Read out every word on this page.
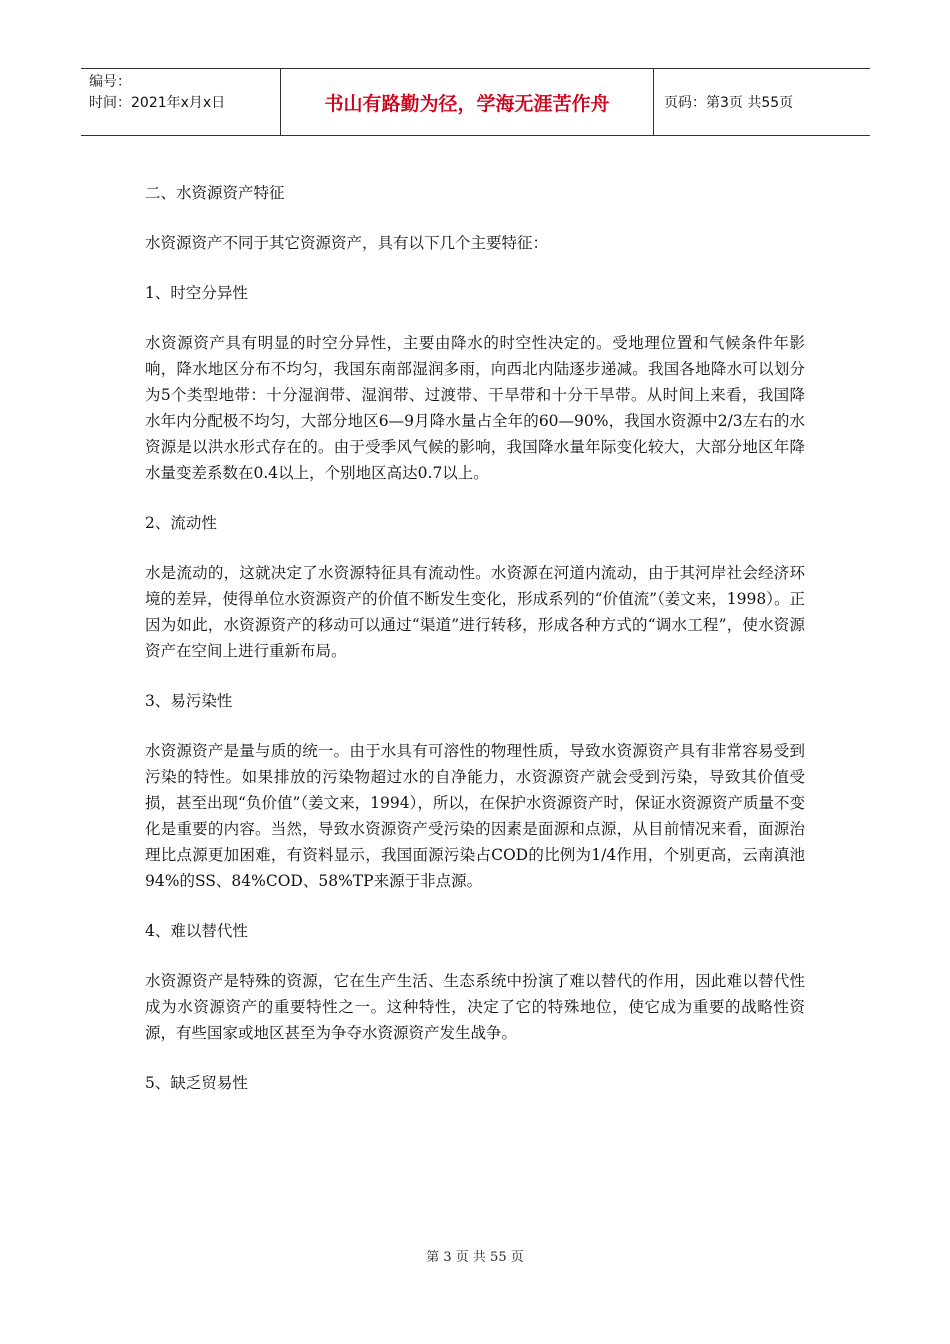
编号：
时间：2021年x月x日	书山有路勤为径，学海无涯苦作舟	页码：第3页 共55页

二、水资源资产特征

水资源资产不同于其它资源资产，具有以下几个主要特征：

1、时空分异性

水资源资产具有明显的时空分异性，主要由降水的时空性决定的。受地理位置和气候条件年影响，降水地区分布不均匀，我国东南部湿润多雨，向西北内陆逐步递减。我国各地降水可以划分为5个类型地带：十分湿润带、湿润带、过渡带、干旱带和十分干旱带。从时间上来看，我国降水年内分配极不均匀，大部分地区6—9月降水量占全年的60—90%，我国水资源中2/3左右的水资源是以洪水形式存在的。由于受季风气候的影响，我国降水量年际变化较大，大部分地区年降水量变差系数在0.4以上，个别地区高达0.7以上。

2、流动性

水是流动的，这就决定了水资源特征具有流动性。水资源在河道内流动，由于其河岸社会经济环境的差异，使得单位水资源资产的价值不断发生变化，形成系列的“价值流”（姜文来，1998）。正因为如此，水资源资产的移动可以通过“渠道”进行转移，形成各种方式的“调水工程”，使水资源资产在空间上进行重新布局。

3、易污染性

水资源资产是量与质的统一。由于水具有可溶性的物理性质，导致水资源资产具有非常容易受到污染的特性。如果排放的污染物超过水的自净能力，水资源资产就会受到污染，导致其价值受损，甚至出现“负价值”（姜文来，1994），所以，在保护水资源资产时，保证水资源资产质量不变化是重要的内容。当然，导致水资源资产受污染的因素是面源和点源，从目前情况来看，面源治理比点源更加困难，有资料显示，我国面源污染占COD的比例为1/4作用，个别更高，云南滇池94%的SS、84%COD、58%TP来源于非点源。

4、难以替代性

水资源资产是特殊的资源，它在生产生活、生态系统中扮演了难以替代的作用，因此难以替代性成为水资源资产的重要特性之一。这种特性，决定了它的特殊地位，使它成为重要的战略性资源，有些国家或地区甚至为争夺水资源资产发生战争。

5、缺乏贸易性

第 3 页 共 55 页
